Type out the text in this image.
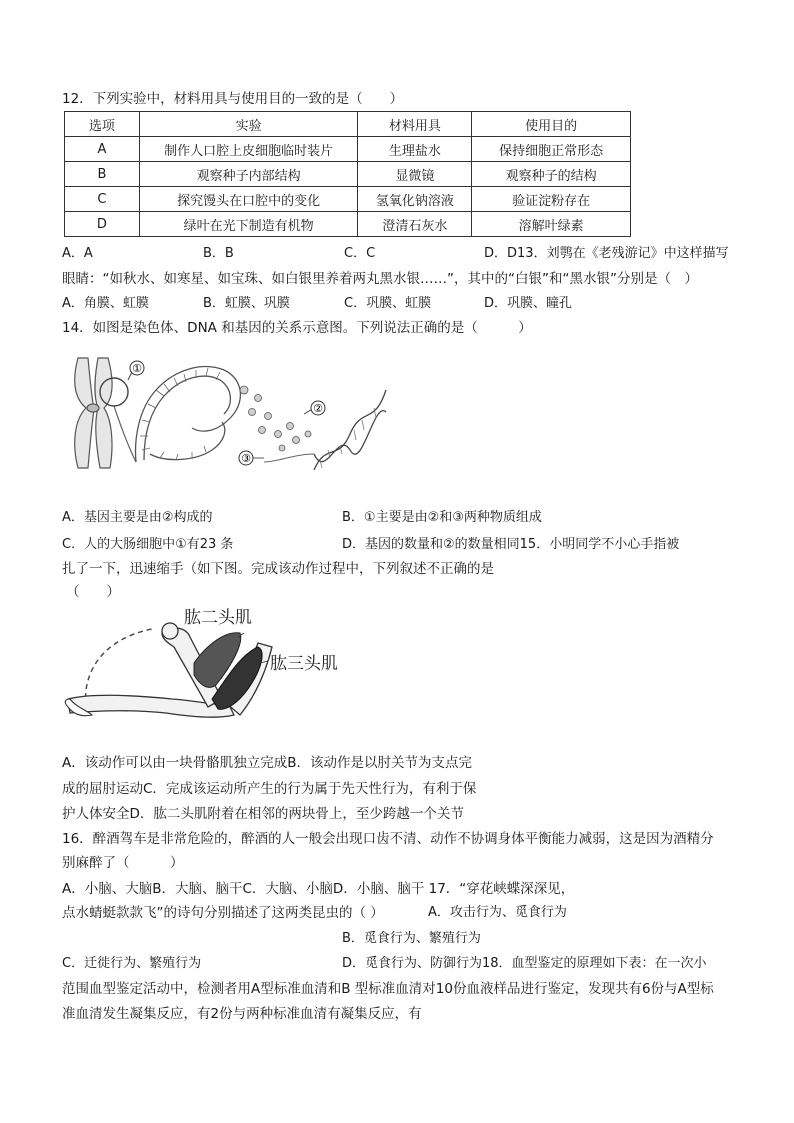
12．下列实验中，材料用具与使用目的一致的是（　　）
选项	实验	材料用具	使用目的
A	制作人口腔上皮细胞临时装片	生理盐水	保持细胞正常形态
B	观察种子内部结构	显微镜	观察种子的结构
C	探究馒头在口腔中的变化	氢氧化钠溶液	验证淀粉存在
D	绿叶在光下制造有机物	澄清石灰水	溶解叶绿素
A．A	B．B	C．C	D．D13．刘鹗在《老残游记》中这样描写
眼睛：“如秋水、如寒星、如宝珠、如白银里养着两丸黑水银……”，其中的“白银”和“黑水银”分别是（　）
A．角膜、虹膜	B．虹膜、巩膜	C．巩膜、虹膜	D．巩膜、瞳孔
14．如图是染色体、DNA 和基因的关系示意图。下列说法正确的是（　　　）
①
②
③
A．基因主要是由②构成的	B．①主要是由②和③两种物质组成
C．人的大肠细胞中①有23 条	D．基因的数量和②的数量相同15．小明同学不小心手指被
扎了一下，迅速缩手（如下图。完成该动作过程中，下列叙述不正确的是
（　　）
肱二头肌
肱三头肌
A．该动作可以由一块骨骼肌独立完成B．该动作是以肘关节为支点完
成的屈肘运动C．完成该运动所产生的行为属于先天性行为，有利于保
护人体安全D．肱二头肌附着在相邻的两块骨上，至少跨越一个关节
16．醉酒驾车是非常危险的，醉酒的人一般会出现口齿不清、动作不协调身体平衡能力减弱，这是因为酒精分
别麻醉了（　　　）
A．小脑、大脑B．大脑、脑干C．大脑、小脑D．小脑、脑干 17．“穿花峡蝶深深见，
点水蜻蜓款款飞”的诗句分别描述了这两类昆虫的（ ）	A．攻击行为、觅食行为
B．觅食行为、繁殖行为
C．迁徙行为、繁殖行为	D．觅食行为、防御行为18．血型鉴定的原理如下表：在一次小
范围血型鉴定活动中，检测者用A型标准血清和B 型标准血清对10份血液样品进行鉴定，发现共有6份与A型标
准血清发生凝集反应，有2份与两种标准血清有凝集反应，有
